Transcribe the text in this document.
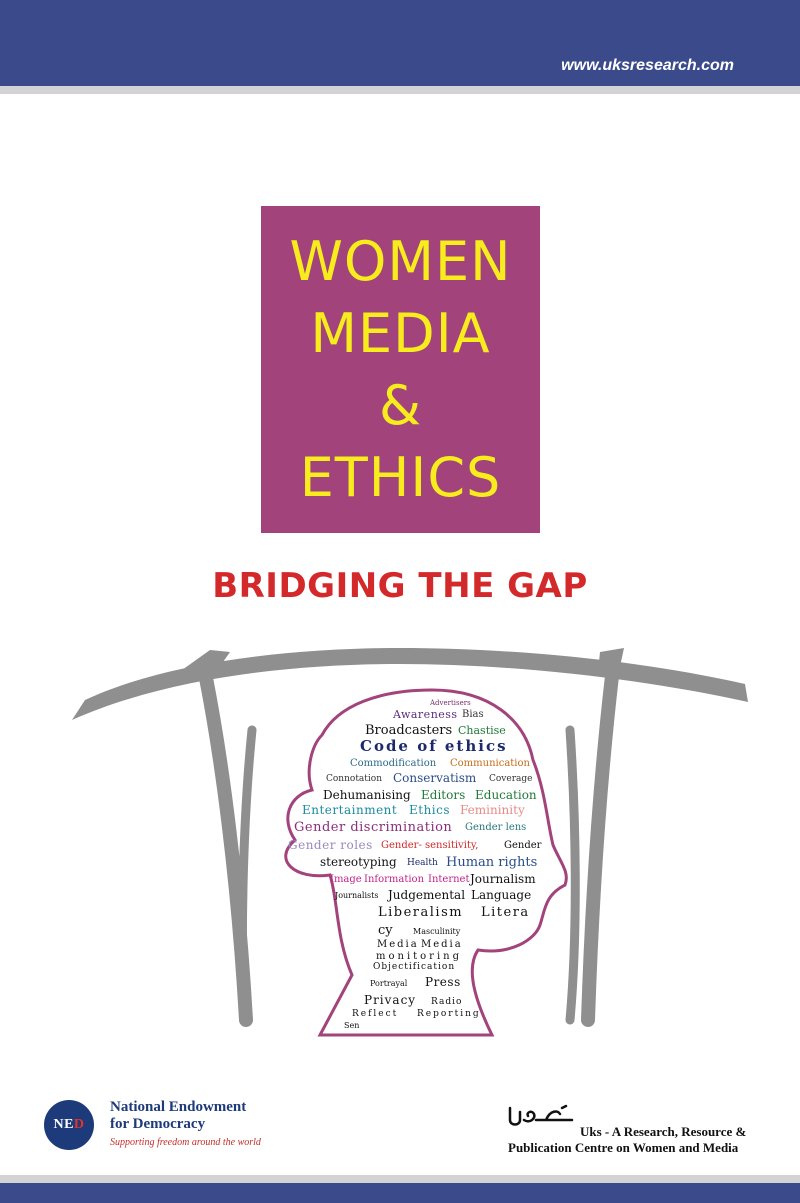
www.uksresearch.com
WOMEN
MEDIA
&
ETHICS
BRIDGING THE GAP
Advertisers
Awareness Bias
Broadcasters Chastise
Code of ethics
Commodification Communication
Connotation Conservatism Coverage
Dehumanising Editors Education
Entertainment Ethics Femininity
Gender discrimination Gender lens
Gender roles Gender- sensitivity,	Gender
stereotyping Health Human rights
Image Information Internet Journalism
Journalists Judgemental Language
Liberalism Litera
cy	Masculinity
Media Media
monitoring
Objectification
Portrayal Press
Privacy Radio
Reflect Reporting
Sen
NE D
National Endowment
for Democracy
Supporting freedom around the world
Uks - A Research, Resource &
Publication Centre on Women and Media
